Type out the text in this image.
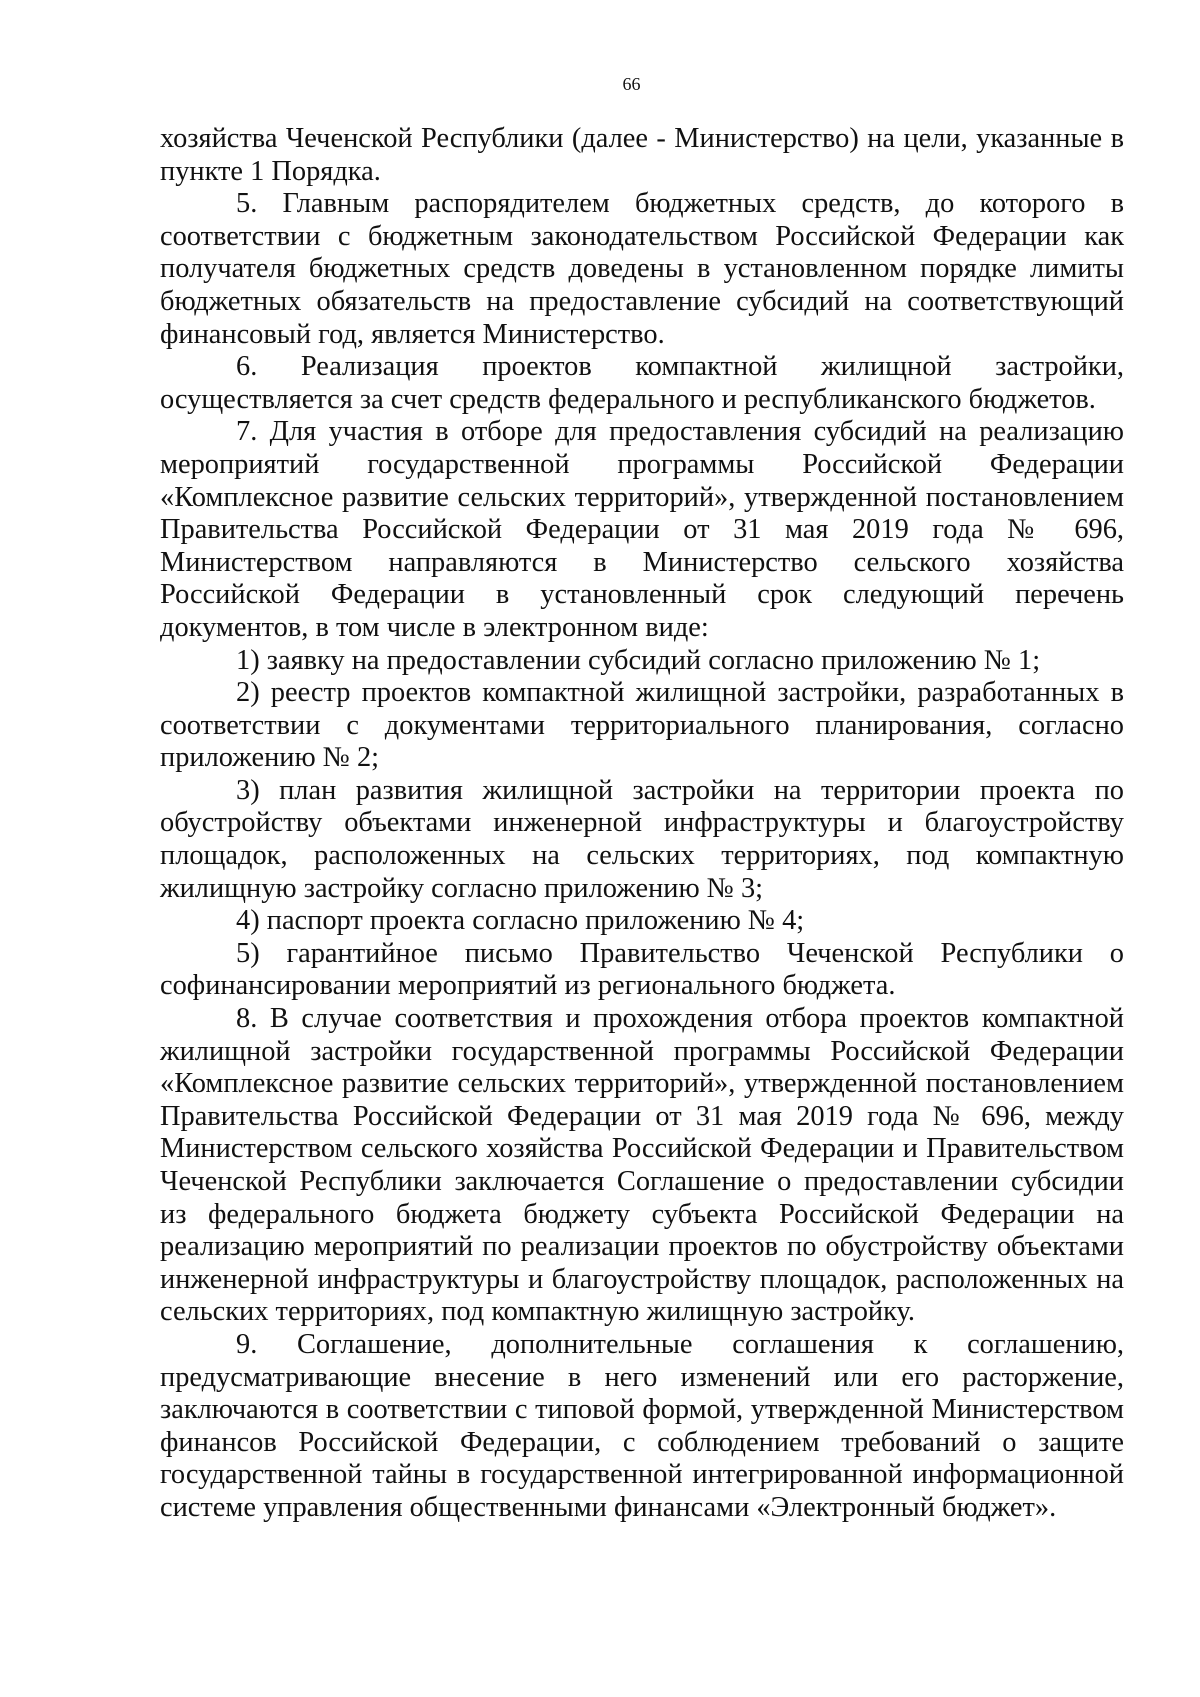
66

хозяйства Чеченской Республики (далее - Министерство) на цели, указанные в пункте 1 Порядка.

5. Главным распорядителем бюджетных средств, до которого в соответствии с бюджетным законодательством Российской Федерации как получателя бюджетных средств доведены в установленном порядке лимиты бюджетных обязательств на предоставление субсидий на соответствующий финансовый год, является Министерство.

6. Реализация проектов компактной жилищной застройки, осуществляется за счет средств федерального и республиканского бюджетов.

7. Для участия в отборе для предоставления субсидий на реализацию мероприятий государственной программы Российской Федерации «Комплексное развитие сельских территорий», утвержденной постановлением Правительства Российской Федерации от 31 мая 2019 года № 696, Министерством направляются в Министерство сельского хозяйства Российской Федерации в установленный срок следующий перечень документов, в том числе в электронном виде:

1) заявку на предоставлении субсидий согласно приложению № 1;

2) реестр проектов компактной жилищной застройки, разработанных в соответствии с документами территориального планирования, согласно приложению № 2;

3) план развития жилищной застройки на территории проекта по обустройству объектами инженерной инфраструктуры и благоустройству площадок, расположенных на сельских территориях, под компактную жилищную застройку согласно приложению № 3;

4) паспорт проекта согласно приложению № 4;

5) гарантийное письмо Правительство Чеченской Республики о софинансировании мероприятий из регионального бюджета.

8. В случае соответствия и прохождения отбора проектов компактной жилищной застройки государственной программы Российской Федерации «Комплексное развитие сельских территорий», утвержденной постановлением Правительства Российской Федерации от 31 мая 2019 года № 696, между Министерством сельского хозяйства Российской Федерации и Правительством Чеченской Республики заключается Соглашение о предоставлении субсидии из федерального бюджета бюджету субъекта Российской Федерации на реализацию мероприятий по реализации проектов по обустройству объектами инженерной инфраструктуры и благоустройству площадок, расположенных на сельских территориях, под компактную жилищную застройку.

9. Соглашение, дополнительные соглашения к соглашению, предусматривающие внесение в него изменений или его расторжение, заключаются в соответствии с типовой формой, утвержденной Министерством финансов Российской Федерации, с соблюдением требований о защите государственной тайны в государственной интегрированной информационной системе управления общественными финансами «Электронный бюджет».
